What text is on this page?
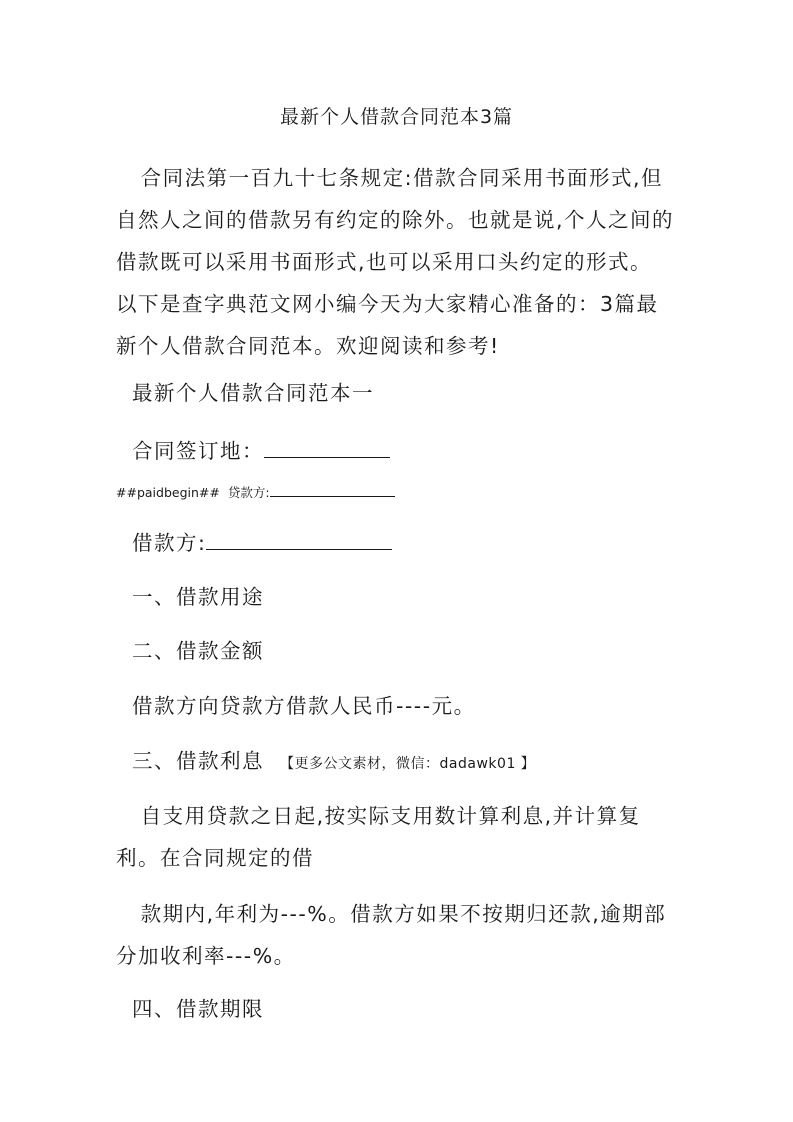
最新个人借款合同范本3篇
合同法第一百九十七条规定:借款合同采用书面形式,但自然人之间的借款另有约定的除外。也就是说,个人之间的借款既可以采用书面形式,也可以采用口头约定的形式。 以下是查字典范文网小编今天为大家精心准备的：3篇最新个人借款合同范本。欢迎阅读和参考!
最新个人借款合同范本一
合同签订地：
##paidbegin## 贷款方:
借款方:
一、借款用途
二、借款金额
借款方向贷款方借款人民币----元。
三、借款利息 【更多公文素材，微信：dadawk01 】
自支用贷款之日起,按实际支用数计算利息,并计算复利。在合同规定的借
款期内,年利为---%。借款方如果不按期归还款,逾期部分加收利率---%。
四、借款期限
